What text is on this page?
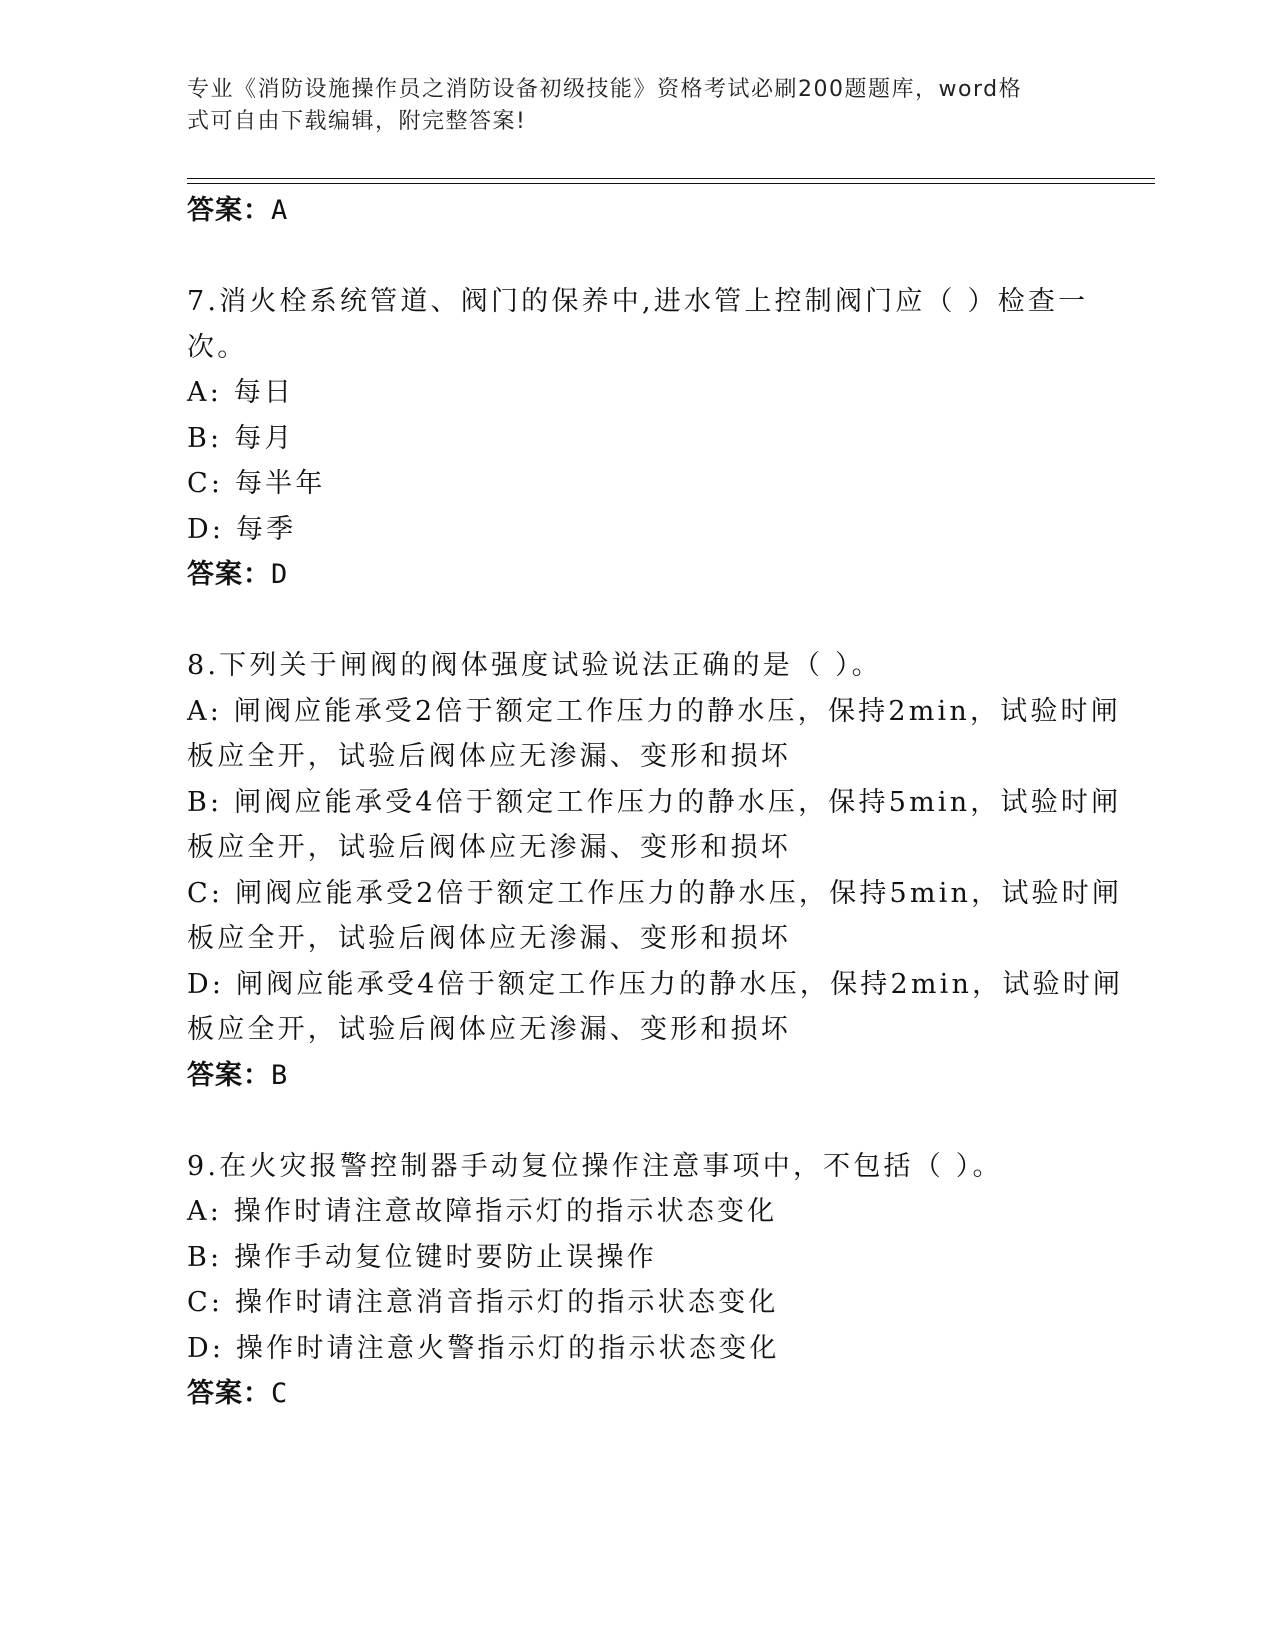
专业《消防设施操作员之消防设备初级技能》资格考试必刷200题题库，word格
式可自由下载编辑，附完整答案!
答案：A
7.消火栓系统管道、阀门的保养中,进水管上控制阀门应（ ）检查一
次。
A: 每日
B: 每月
C: 每半年
D: 每季
答案：D
8.下列关于闸阀的阀体强度试验说法正确的是（ ）。
A: 闸阀应能承受2倍于额定工作压力的静水压，保持2min，试验时闸
板应全开，试验后阀体应无渗漏、变形和损坏
B: 闸阀应能承受4倍于额定工作压力的静水压，保持5min，试验时闸
板应全开，试验后阀体应无渗漏、变形和损坏
C: 闸阀应能承受2倍于额定工作压力的静水压，保持5min，试验时闸
板应全开，试验后阀体应无渗漏、变形和损坏
D: 闸阀应能承受4倍于额定工作压力的静水压，保持2min，试验时闸
板应全开，试验后阀体应无渗漏、变形和损坏
答案：B
9.在火灾报警控制器手动复位操作注意事项中，不包括（ ）。
A: 操作时请注意故障指示灯的指示状态变化
B: 操作手动复位键时要防止误操作
C: 操作时请注意消音指示灯的指示状态变化
D: 操作时请注意火警指示灯的指示状态变化
答案：C
